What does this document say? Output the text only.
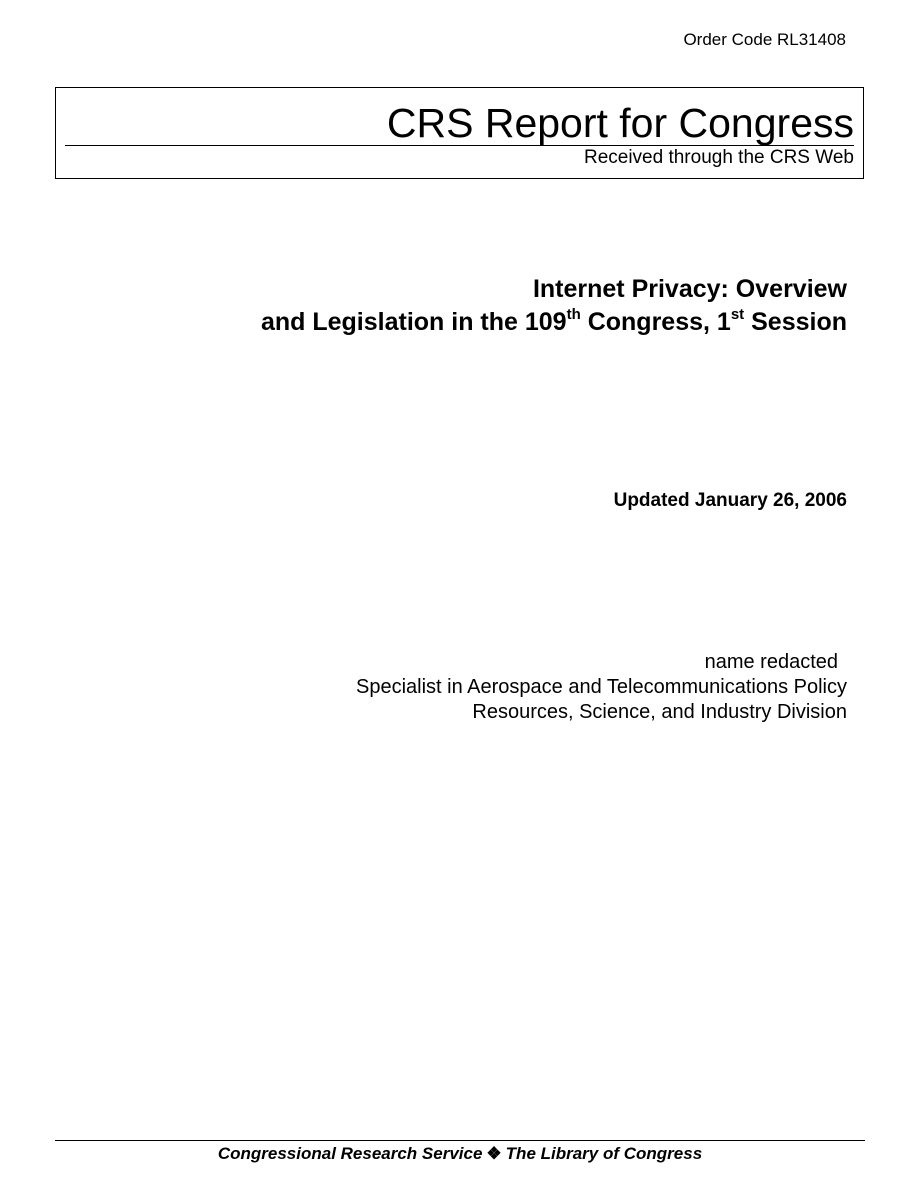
Order Code RL31408
CRS Report for Congress
Received through the CRS Web
Internet Privacy: Overview
and Legislation in the 109th Congress, 1st Session
Updated January 26, 2006
name redacted
Specialist in Aerospace and Telecommunications Policy
Resources, Science, and Industry Division
Congressional Research Service ❖ The Library of Congress
